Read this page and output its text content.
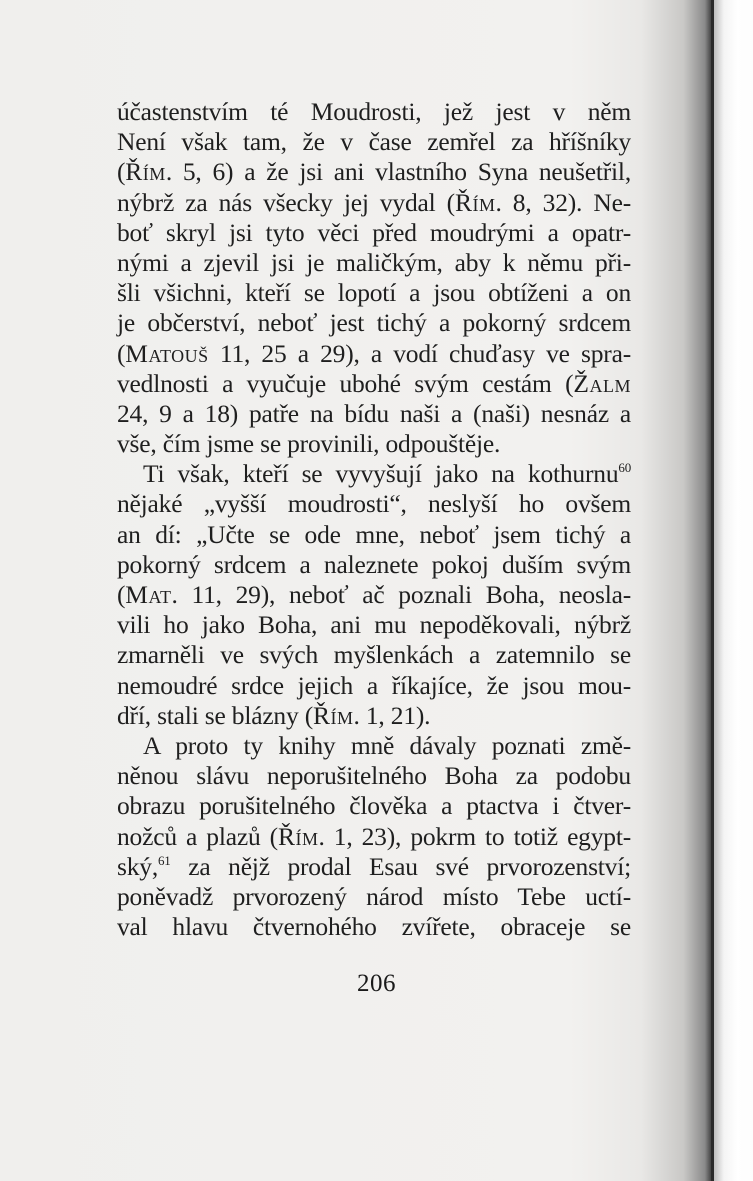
účastenstvím té Moudrosti, jež jest v něm
Není však tam, že v čase zemřel za hříšníky
(Řím. 5, 6) a že jsi ani vlastního Syna neušetřil,
nýbrž za nás všecky jej vydal (Řím. 8, 32). Ne-
boť skryl jsi tyto věci před moudrými a opatr-
nými a zjevil jsi je maličkým, aby k němu při-
šli všichni, kteří se lopotí a jsou obtíženi a on
je občerství, neboť jest tichý a pokorný srdcem
(Matouš 11, 25 a 29), a vodí chuďasy ve spra-
vedlnosti a vyučuje ubohé svým cestám (Žalm
24, 9 a 18) patře na bídu naši a (naši) nesnáz a
vše, čím jsme se provinili, odpouštěje.
Ti však, kteří se vyvyšují jako na kothurnu$^{60}$
nějaké „vyšší moudrosti“, neslyší ho ovšem
an dí: „Učte se ode mne, neboť jsem tichý a
pokorný srdcem a naleznete pokoj duším svým
(Mat. 11, 29), neboť ač poznali Boha, neosla-
vili ho jako Boha, ani mu nepoděkovali, nýbrž
zmarněli ve svých myšlenkách a zatemnilo se
nemoudré srdce jejich a říkajíce, že jsou mou-
dří, stali se blázny (Řím. 1, 21).
A proto ty knihy mně dávaly poznati změ-
něnou slávu neporušitelného Boha za podobu
obrazu porušitelného člověka a ptactva i čtver-
nožců a plazů (Řím. 1, 23), pokrm to totiž egypt-
ský,$^{61}$ za nějž prodal Esau své prvorozenství;
poněvadž prvorozený národ místo Tebe uctí-
val hlavu čtvernohého zvířete, obraceje se
206
